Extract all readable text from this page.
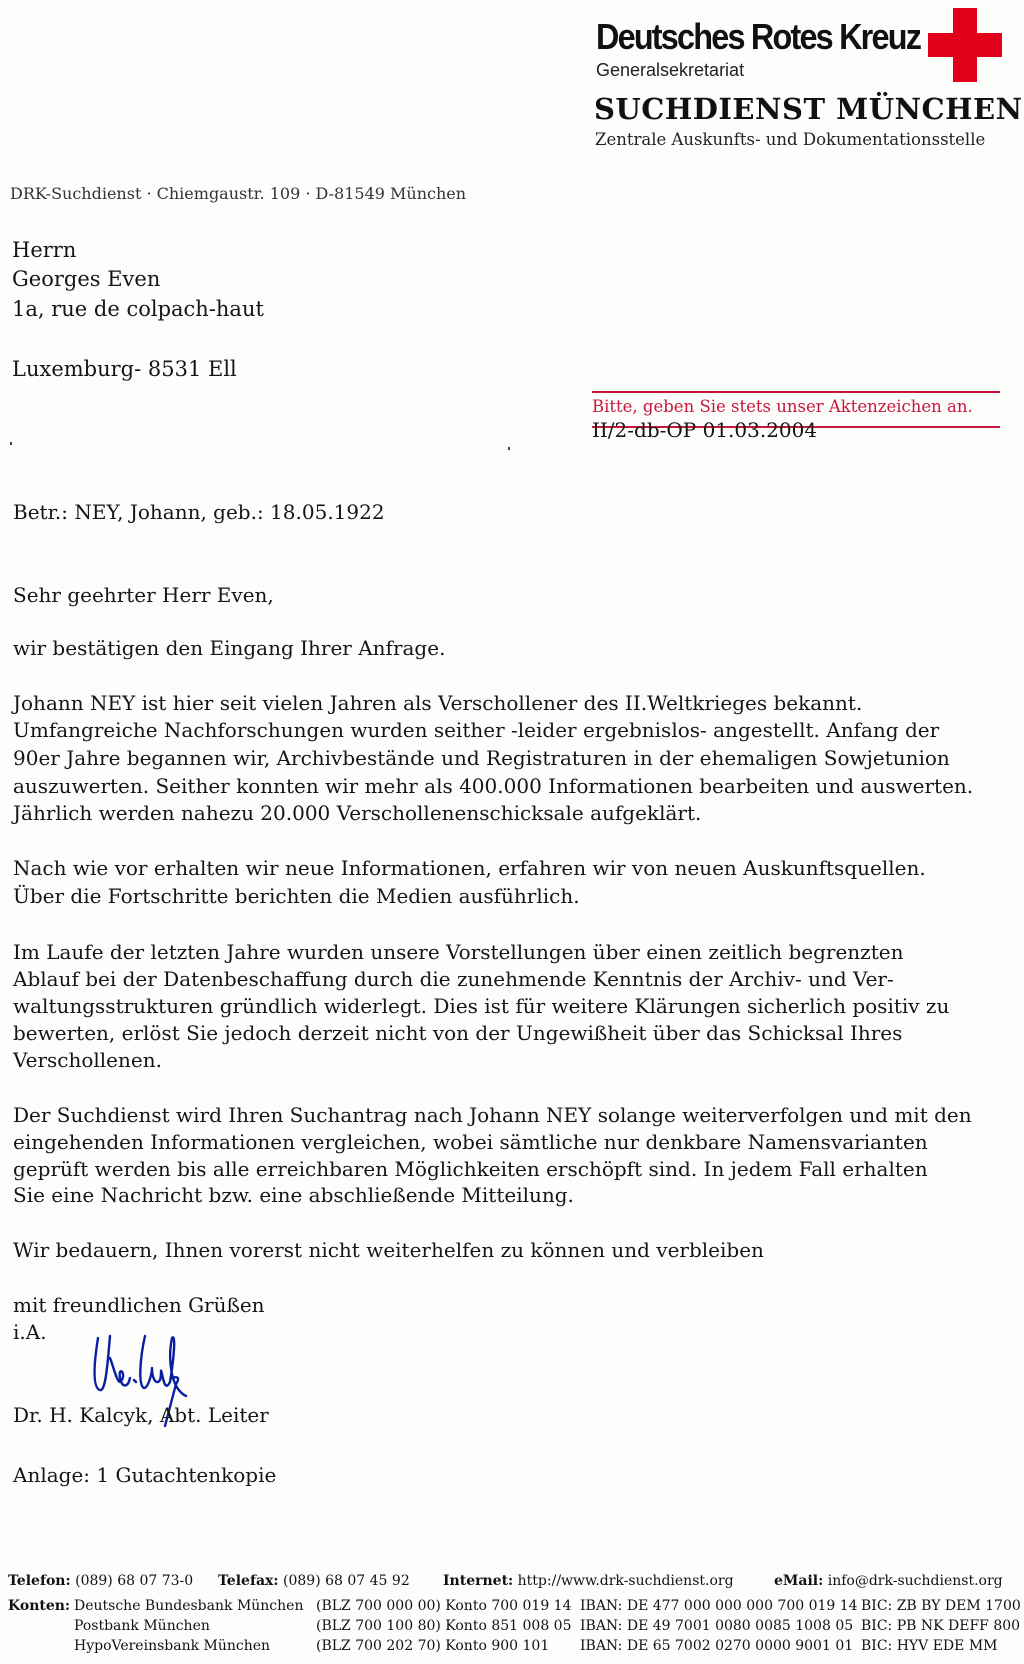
Deutsches Rotes Kreuz
Generalsekretariat
SUCHDIENST MÜNCHEN
Zentrale Auskunfts- und Dokumentationsstelle
DRK-Suchdienst · Chiemgaustr. 109 · D-81549 München
Herrn
Georges Even
1a, rue de colpach-haut
Luxemburg- 8531 Ell
Bitte, geben Sie stets unser Aktenzeichen an.
II/2-db-OP 01.03.2004
Betr.: NEY, Johann, geb.: 18.05.1922
Sehr geehrter Herr Even,
wir bestätigen den Eingang Ihrer Anfrage.
Johann NEY ist hier seit vielen Jahren als Verschollener des II.Weltkrieges bekannt.
Umfangreiche Nachforschungen wurden seither -leider ergebnislos- angestellt. Anfang der
90er Jahre begannen wir, Archivbestände und Registraturen in der ehemaligen Sowjetunion
auszuwerten. Seither konnten wir mehr als 400.000 Informationen bearbeiten und auswerten.
Jährlich werden nahezu 20.000 Verschollenenschicksale aufgeklärt.
Nach wie vor erhalten wir neue Informationen, erfahren wir von neuen Auskunftsquellen.
Über die Fortschritte berichten die Medien ausführlich.
Im Laufe der letzten Jahre wurden unsere Vorstellungen über einen zeitlich begrenzten
Ablauf bei der Datenbeschaffung durch die zunehmende Kenntnis der Archiv- und Ver-
waltungsstrukturen gründlich widerlegt. Dies ist für weitere Klärungen sicherlich positiv zu
bewerten, erlöst Sie jedoch derzeit nicht von der Ungewißheit über das Schicksal Ihres
Verschollenen.
Der Suchdienst wird Ihren Suchantrag nach Johann NEY solange weiterverfolgen und mit den
eingehenden Informationen vergleichen, wobei sämtliche nur denkbare Namensvarianten
geprüft werden bis alle erreichbaren Möglichkeiten erschöpft sind. In jedem Fall erhalten
Sie eine Nachricht bzw. eine abschließende Mitteilung.
Wir bedauern, Ihnen vorerst nicht weiterhelfen zu können und verbleiben
mit freundlichen Grüßen
i.A.
Dr. H. Kalcyk, Abt. Leiter
Anlage: 1 Gutachtenkopie
Telefon: (089) 68 07 73-0 Telefax: (089) 68 07 45 92 Internet: http://www.drk-suchdienst.org	eMail: info@drk-suchdienst.org
Konten: Deutsche Bundesbank München (BLZ 700 000 00) Konto 700 019 14 IBAN: DE 477 000 000 000 700 019 14 BIC: ZB BY DEM 1700
Postbank München	(BLZ 700 100 80) Konto 851 008 05 IBAN: DE 49 7001 0080 0085 1008 05 BIC: PB NK DEFF 800
HypoVereinsbank München	(BLZ 700 202 70) Konto 900 101 IBAN: DE 65 7002 0270 0000 9001 01 BIC: HYV EDE MM
